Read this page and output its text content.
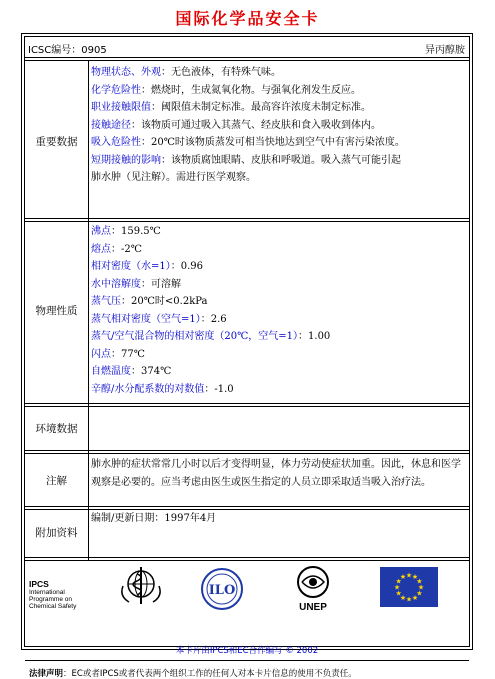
国际化学品安全卡
ICSC编号：0905	异丙醇胺
重要数据
物理状态、外观：无色液体，有特殊气味。
化学危险性：燃烧时，生成氮氧化物。与强氧化剂发生反应。
职业接触限值：阈限值未制定标准。最高容许浓度未制定标准。
接触途径：该物质可通过吸入其蒸气、经皮肤和食入吸收到体内。
吸入危险性：20℃时该物质蒸发可相当快地达到空气中有害污染浓度。
短期接触的影响：该物质腐蚀眼睛、皮肤和呼吸道。吸入蒸气可能引起
肺水肿（见注解）。需进行医学观察。
物理性质
沸点：159.5℃
熔点：-2℃
相对密度（水=1）：0.96
水中溶解度：可溶解
蒸气压：20℃时<0.2kPa
蒸气相对密度（空气=1）：2.6
蒸气/空气混合物的相对密度（20℃，空气=1）：1.00
闪点：77℃
自燃温度：374℃
辛醇/水分配系数的对数值：-1.0
环境数据
注解
肺水肿的症状常常几小时以后才变得明显，体力劳动使症状加重。因此，休息和医学观察是必要的。应当考虑由医生或医生指定的人员立即采取适当吸入治疗法。
附加资料
编制/更新日期：1997年4月
IPCS
International
Programme on
Chemical Safety
ILO
UNEP
★ ★
★
★
★
★
★
★
★
★
★
★
本卡片由IPCS和EC合作编写 © 2002
法律声明：EC或者IPCS或者代表两个组织工作的任何人对本卡片信息的使用不负责任。
